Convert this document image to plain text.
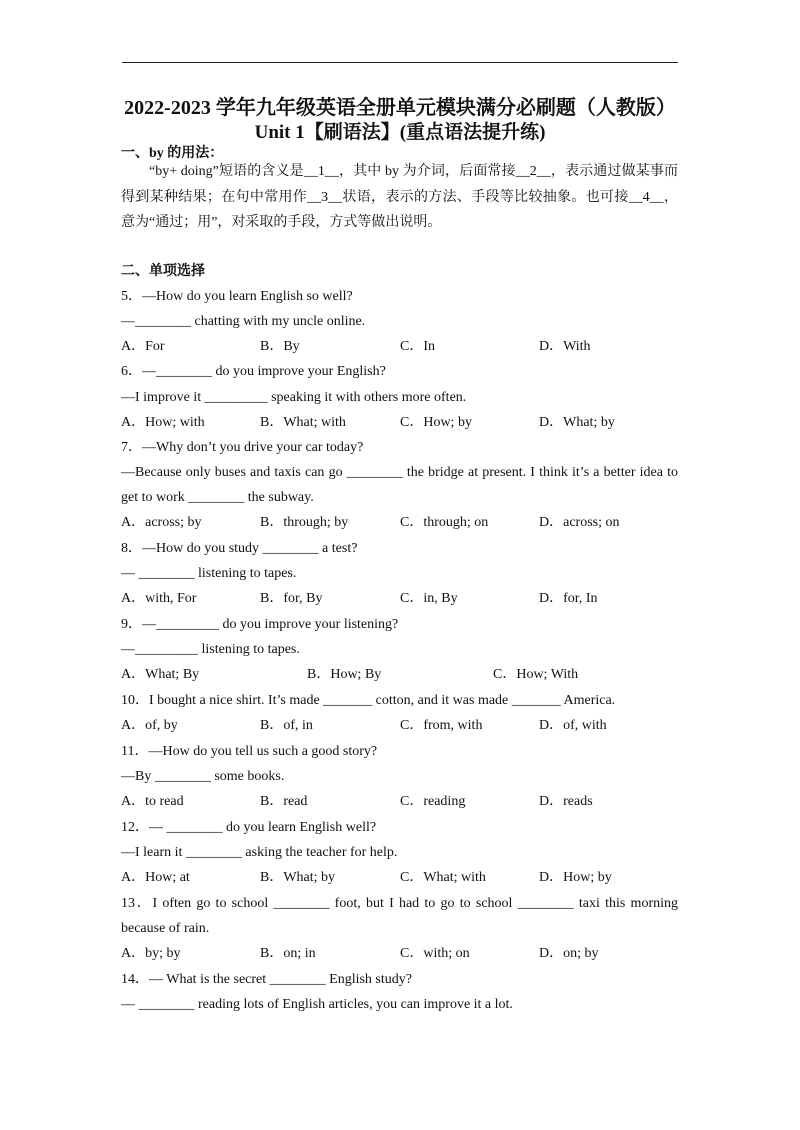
2022-2023 学年九年级英语全册单元模块满分必刷题（人教版）
Unit 1【刷语法】(重点语法提升练)
一、by 的用法：
“by+ doing”短语的含义是__1__，其中 by 为介词，后面常接__2__，表示通过做某事而
得到某种结果；在句中常用作__3__状语，表示的方法、手段等比较抽象。也可接__4__，
意为“通过；用”，对采取的手段，方式等做出说明。
二、单项选择
5．—How do you learn English so well?
—________ chatting with my uncle online.
A．For	B．By	C．In	D．With
6．—________ do you improve your English?
—I improve it _________ speaking it with others more often.
A．How; with	B．What; with	C．How; by	D．What; by
7．—Why don’t you drive your car today?
—Because only buses and taxis can go ________ the bridge at present. I think it’s a better idea to
get to work ________ the subway.
A．across; by	B．through; by	C．through; on	D．across; on
8．—How do you study ________ a test?
— ________ listening to tapes.
A．with, For	B．for, By	C．in, By	D．for, In
9．—_________ do you improve your listening?
—_________ listening to tapes.
A．What; By	B．How; By	C．How; With
10．I bought a nice shirt. It’s made _______ cotton, and it was made _______ America.
A．of, by	B．of, in	C．from, with	D．of, with
11．—How do you tell us such a good story?
—By ________ some books.
A．to read	B．read	C．reading	D．reads
12．— ________ do you learn English well?
—I learn it ________ asking the teacher for help.
A．How; at	B．What; by	C．What; with	D．How; by
13．I often go to school ________ foot, but I had to go to school ________ taxi this morning
because of rain.
A．by; by	B．on; in	C．with; on	D．on; by
14．— What is the secret ________ English study?
— ________ reading lots of English articles, you can improve it a lot.
